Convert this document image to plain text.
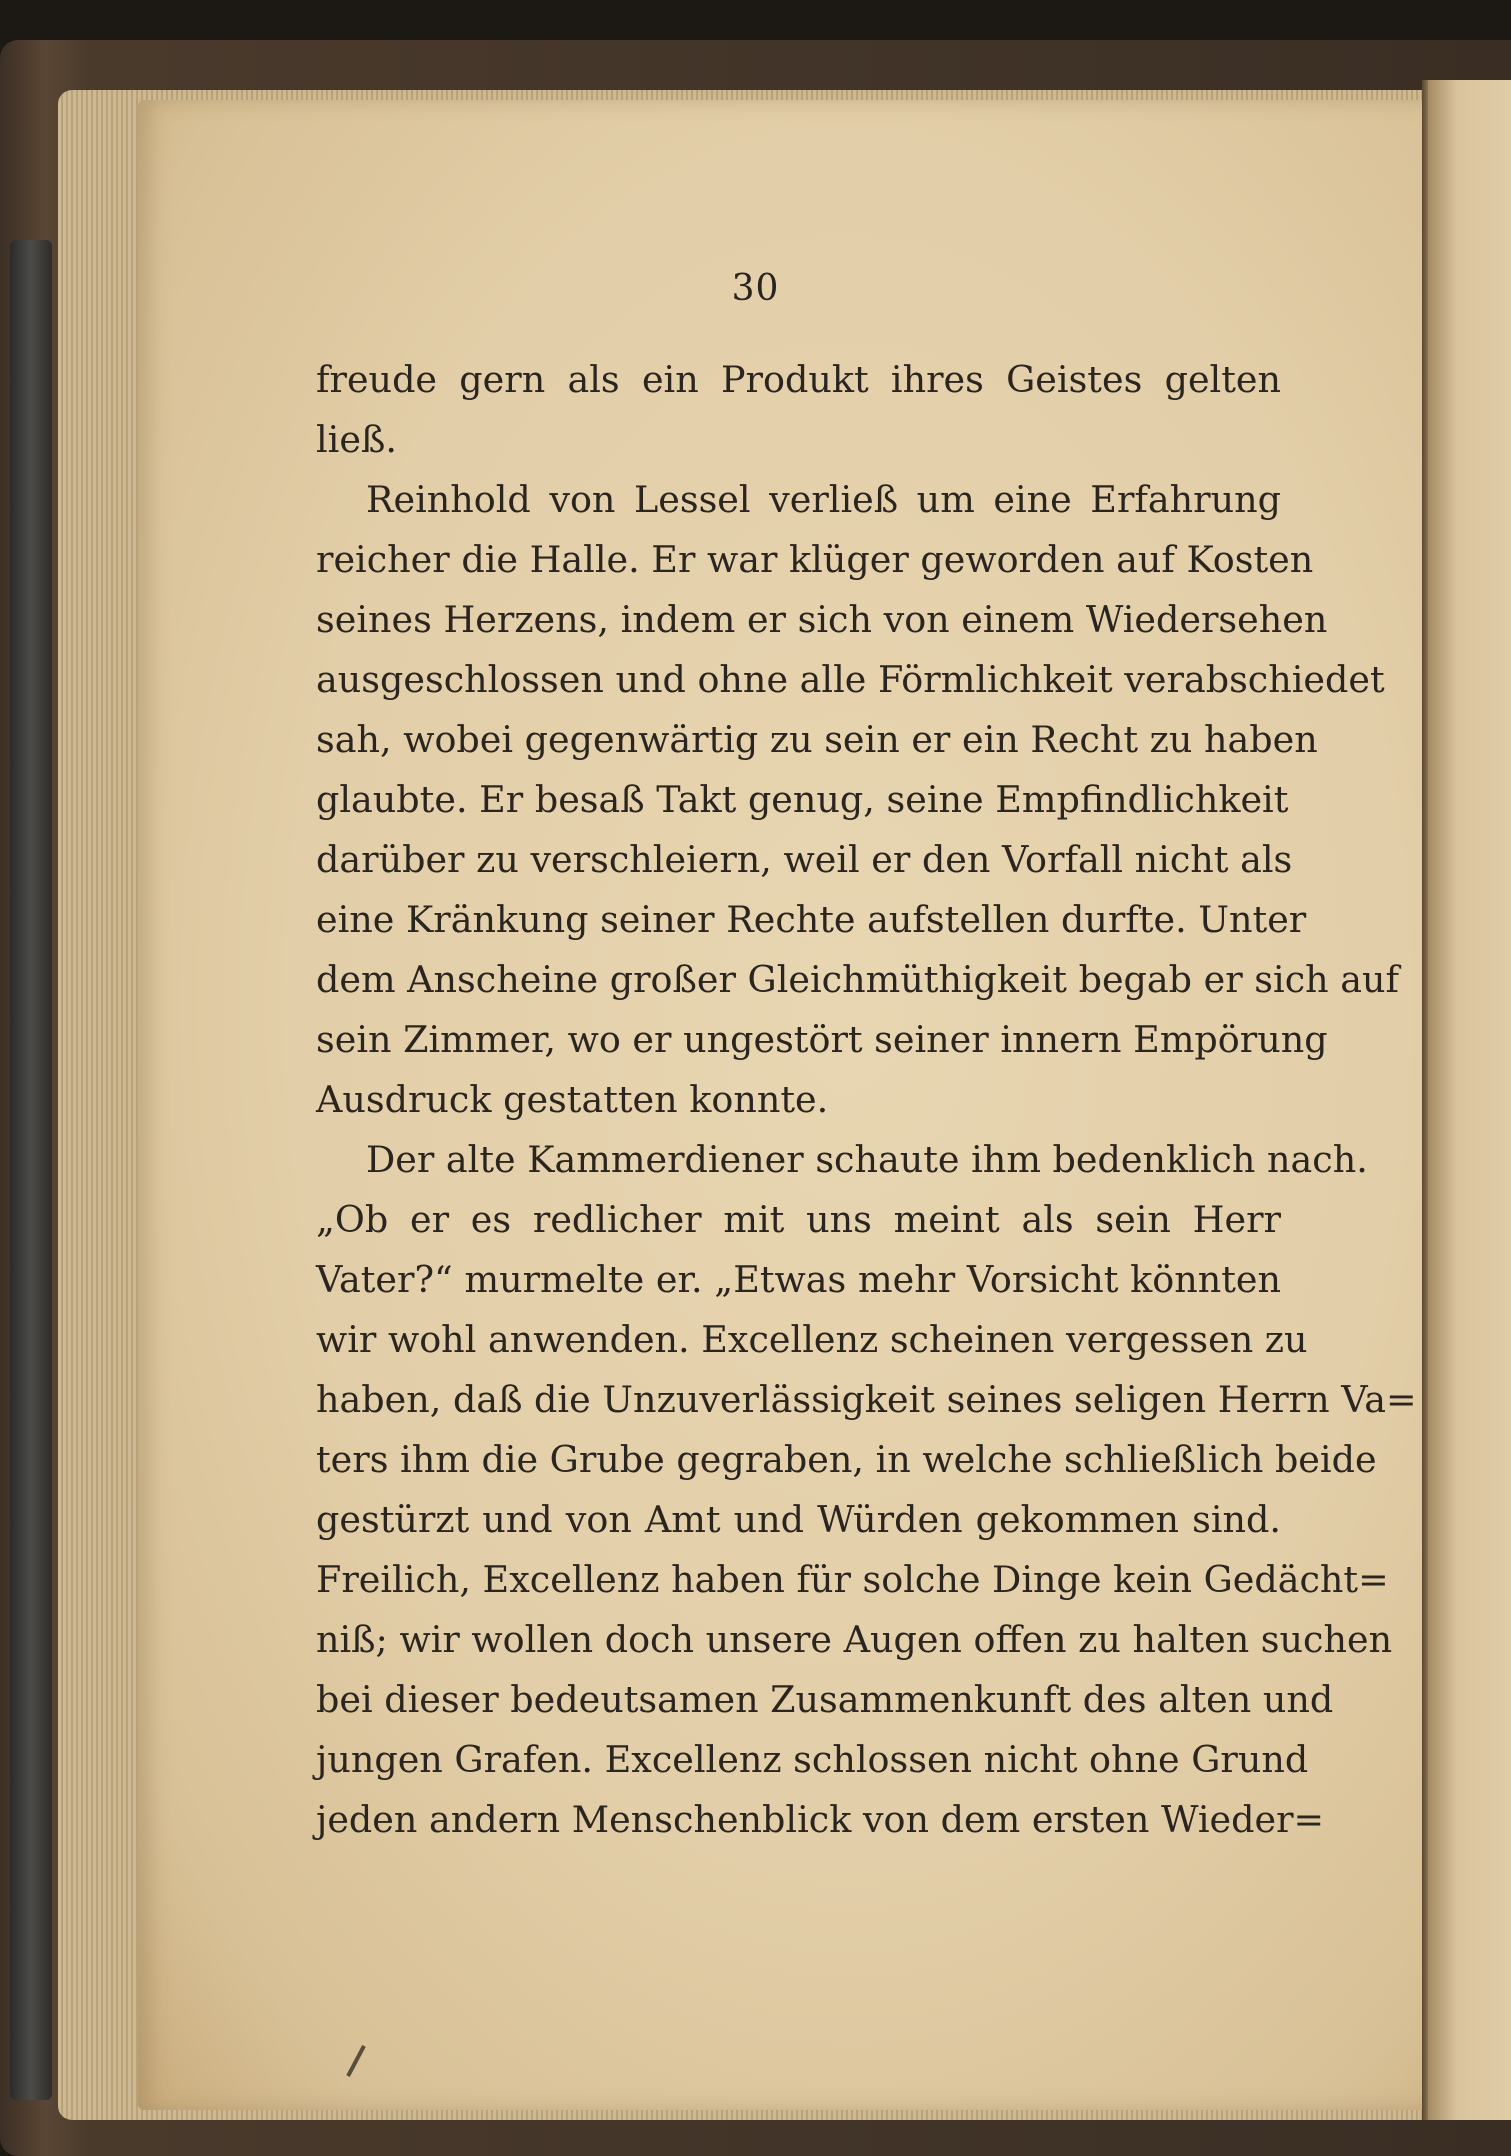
30
freude gern als ein Produkt ihres Geistes gelten
ließ.
Reinhold von Lessel verließ um eine Erfahrung
reicher die Halle. Er war klüger geworden auf Kosten
seines Herzens, indem er sich von einem Wiedersehen
ausgeschlossen und ohne alle Förmlichkeit verabschiedet
sah, wobei gegenwärtig zu sein er ein Recht zu haben
glaubte. Er besaß Takt genug, seine Empfindlichkeit
darüber zu verschleiern, weil er den Vorfall nicht als
eine Kränkung seiner Rechte aufstellen durfte. Unter
dem Anscheine großer Gleichmüthigkeit begab er sich auf
sein Zimmer, wo er ungestört seiner innern Empörung
Ausdruck gestatten konnte.
Der alte Kammerdiener schaute ihm bedenklich nach.
„Ob er es redlicher mit uns meint als sein Herr
Vater?“ murmelte er. „Etwas mehr Vorsicht könnten
wir wohl anwenden. Excellenz scheinen vergessen zu
haben, daß die Unzuverlässigkeit seines seligen Herrn Va=
ters ihm die Grube gegraben, in welche schließlich beide
gestürzt und von Amt und Würden gekommen sind.
Freilich, Excellenz haben für solche Dinge kein Gedächt=
niß; wir wollen doch unsere Augen offen zu halten suchen
bei dieser bedeutsamen Zusammenkunft des alten und
jungen Grafen. Excellenz schlossen nicht ohne Grund
jeden andern Menschenblick von dem ersten Wieder=
